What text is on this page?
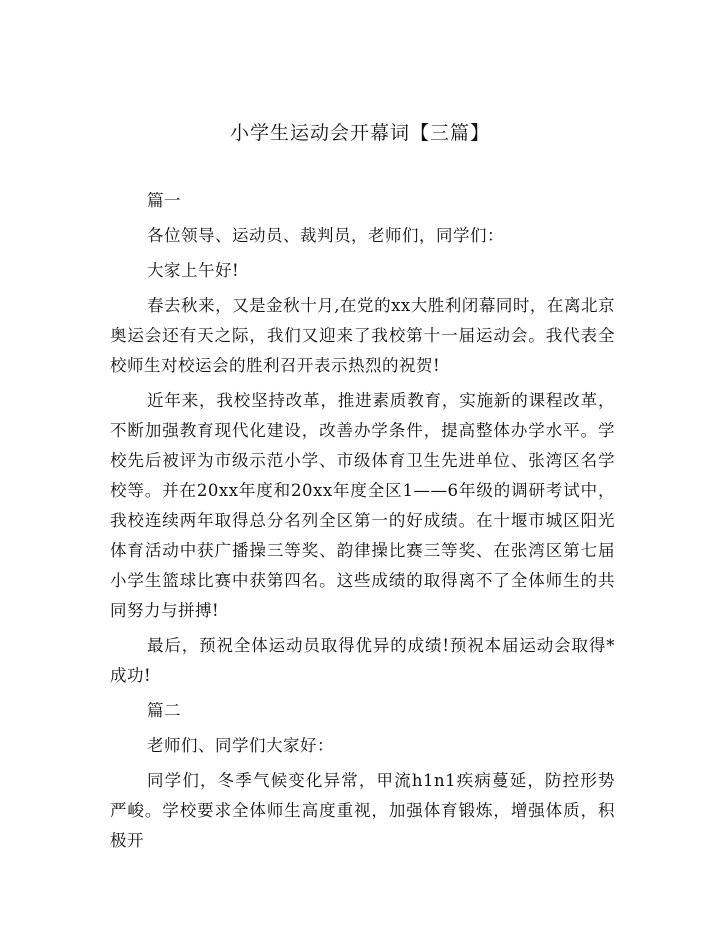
小学生运动会开幕词【三篇】

篇一

各位领导、运动员、裁判员，老师们，同学们：

大家上午好!

春去秋来，又是金秋十月,在党的xx大胜利闭幕同时，在离北京奥运会还有天之际，我们又迎来了我校第十一届运动会。我代表全校师生对校运会的胜利召开表示热烈的祝贺!

近年来，我校坚持改革，推进素质教育，实施新的课程改革，不断加强教育现代化建设，改善办学条件，提高整体办学水平。学校先后被评为市级示范小学、市级体育卫生先进单位、张湾区名学校等。并在20xx年度和20xx年度全区1——6年级的调研考试中，我校连续两年取得总分名列全区第一的好成绩。在十堰市城区阳光体育活动中获广播操三等奖、韵律操比赛三等奖、在张湾区第七届小学生篮球比赛中获第四名。这些成绩的取得离不了全体师生的共同努力与拼搏!

最后，预祝全体运动员取得优异的成绩!预祝本届运动会取得*成功!

篇二

老师们、同学们大家好：

同学们，冬季气候变化异常，甲流h1n1疾病蔓延，防控形势严峻。学校要求全体师生高度重视，加强体育锻炼，增强体质，积极开
